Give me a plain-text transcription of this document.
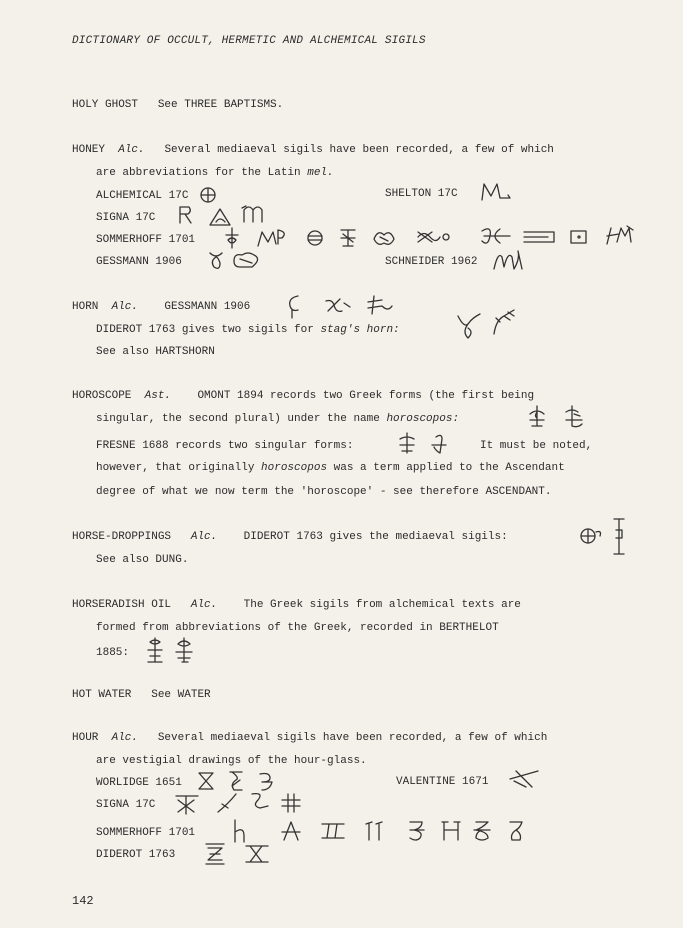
DICTIONARY OF OCCULT, HERMETIC AND ALCHEMICAL SIGILS
HOLY GHOST See THREE BAPTISMS.
HONEY Alc. Several mediaeval sigils have been recorded, a few of which
are abbreviations for the Latin mel.
ALCHEMICAL 17C	SHELTON 17C
SIGNA 17C
SOMMERHOFF 1701
GESSMANN 1906	SCHNEIDER 1962
HORN Alc. GESSMANN 1906
DIDEROT 1763 gives two sigils for stag's horn:
See also HARTSHORN
HOROSCOPE Ast. OMONT 1894 records two Greek forms (the first being
singular, the second plural) under the name horoscopos:
FRESNE 1688 records two singular forms:	It must be noted,
however, that originally horoscopos was a term applied to the Ascendant
degree of what we now term the 'horoscope' - see therefore ASCENDANT.
HORSE-DROPPINGS Alc. DIDEROT 1763 gives the mediaeval sigils:
See also DUNG.
HORSERADISH OIL Alc. The Greek sigils from alchemical texts are
formed from abbreviations of the Greek, recorded in BERTHELOT
1885:
HOT WATER See WATER
HOUR Alc. Several mediaeval sigils have been recorded, a few of which
are vestigial drawings of the hour-glass.
WORLIDGE 1651	VALENTINE 1671
SIGNA 17C
SOMMERHOFF 1701
DIDEROT 1763
142
